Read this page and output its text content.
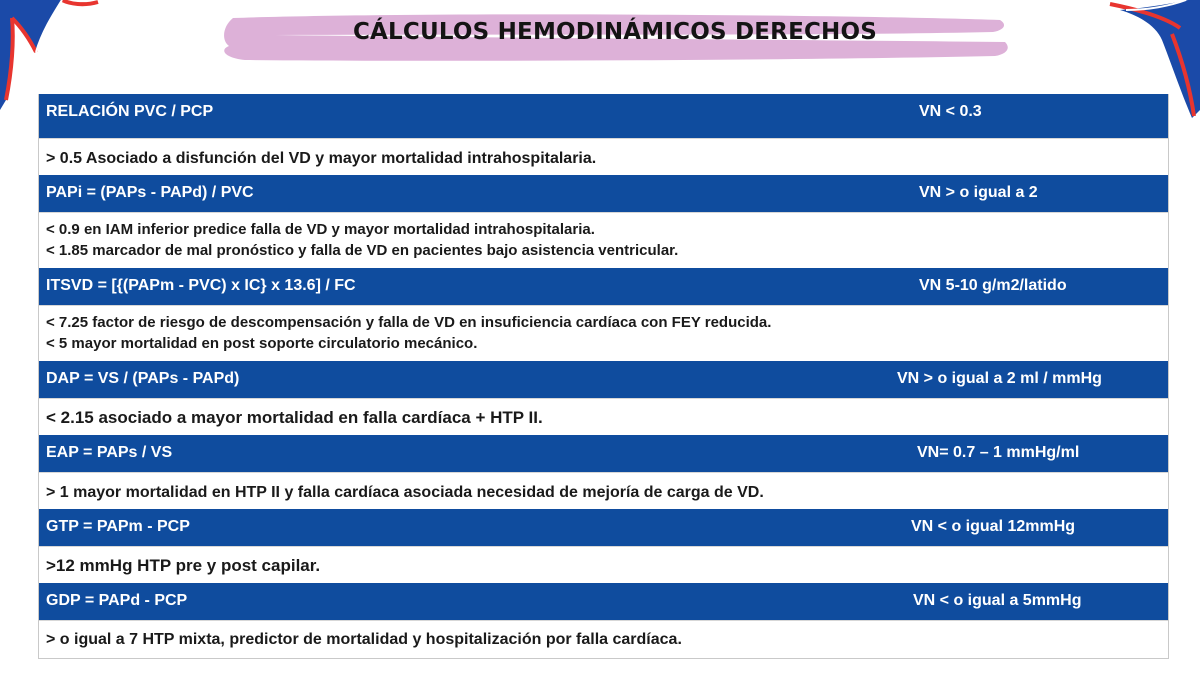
CÁLCULOS HEMODINÁMICOS DERECHOS
RELACIÓN PVC / PCP	VN < 0.3
> 0.5 Asociado a disfunción del VD y mayor mortalidad intrahospitalaria.
PAPi = (PAPs - PAPd) / PVC	VN > o igual a 2
< 0.9 en IAM inferior predice falla de VD y mayor mortalidad intrahospitalaria.
< 1.85 marcador de mal pronóstico y falla de VD en pacientes bajo asistencia ventricular.
ITSVD = [{(PAPm - PVC) x IC} x 13.6] / FC	VN 5-10 g/m2/latido
< 7.25 factor de riesgo de descompensación y falla de VD en insuficiencia cardíaca con FEY reducida.
< 5 mayor mortalidad en post soporte circulatorio mecánico.
DAP = VS / (PAPs - PAPd)	VN > o igual a 2 ml / mmHg
< 2.15 asociado a mayor mortalidad en falla cardíaca + HTP II.
EAP = PAPs / VS	VN= 0.7 – 1 mmHg/ml
> 1 mayor mortalidad en HTP II y falla cardíaca asociada necesidad de mejoría de carga de VD.
GTP = PAPm - PCP	VN < o igual 12mmHg
>12 mmHg HTP pre y post capilar.
GDP = PAPd - PCP	VN < o igual a 5mmHg
> o igual a 7 HTP mixta, predictor de mortalidad y hospitalización por falla cardíaca.
